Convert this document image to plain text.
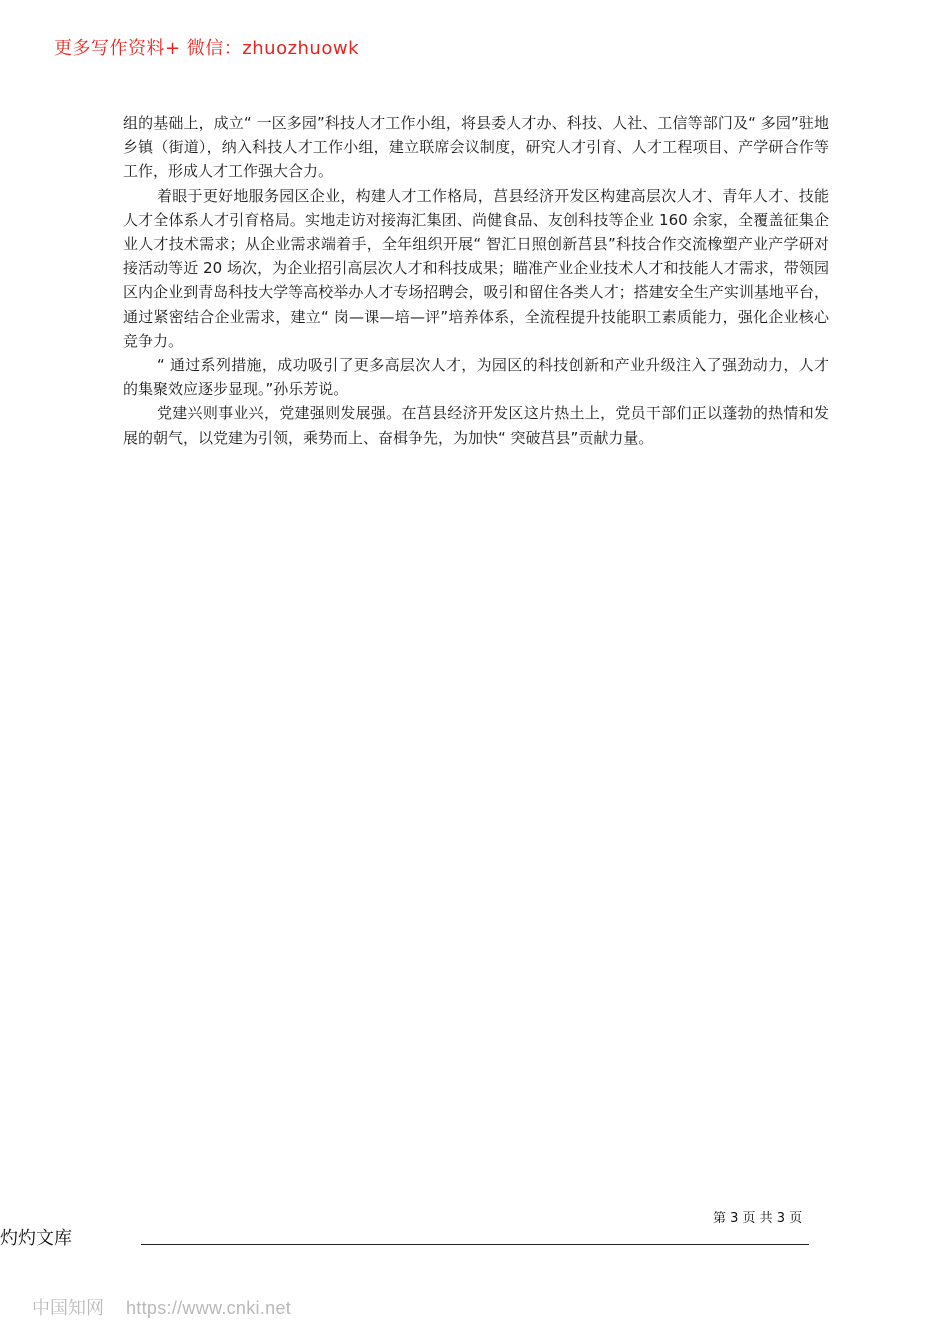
更多写作资料+ 微信：zhuozhuowk

组的基础上，成立“ 一区多园”科技人才工作小组，将县委人才办、科技、人社、工信等部门及“ 多园”驻地乡镇（街道），纳入科技人才工作小组，建立联席会议制度，研究人才引育、人才工程项目、产学研合作等工作，形成人才工作强大合力。

着眼于更好地服务园区企业，构建人才工作格局，莒县经济开发区构建高层次人才、青年人才、技能人才全体系人才引育格局。实地走访对接海汇集团、尚健食品、友创科技等企业 160 余家，全覆盖征集企业人才技术需求；从企业需求端着手，全年组织开展“ 智汇日照创新莒县”科技合作交流橡塑产业产学研对接活动等近 20 场次，为企业招引高层次人才和科技成果；瞄准产业企业技术人才和技能人才需求，带领园区内企业到青岛科技大学等高校举办人才专场招聘会，吸引和留住各类人才；搭建安全生产实训基地平台，通过紧密结合企业需求，建立“ 岗—课—培—评”培养体系，全流程提升技能职工素质能力，强化企业核心竞争力。

“ 通过系列措施，成功吸引了更多高层次人才，为园区的科技创新和产业升级注入了强劲动力，人才的集聚效应逐步显现。”孙乐芳说。

党建兴则事业兴，党建强则发展强。在莒县经济开发区这片热土上，党员干部们正以蓬勃的热情和发展的朝气，以党建为引领，乘势而上、奋楫争先，为加快“ 突破莒县”贡献力量。

第 3 页 共 3 页
灼灼文库
中国知网 https://www.cnki.net
